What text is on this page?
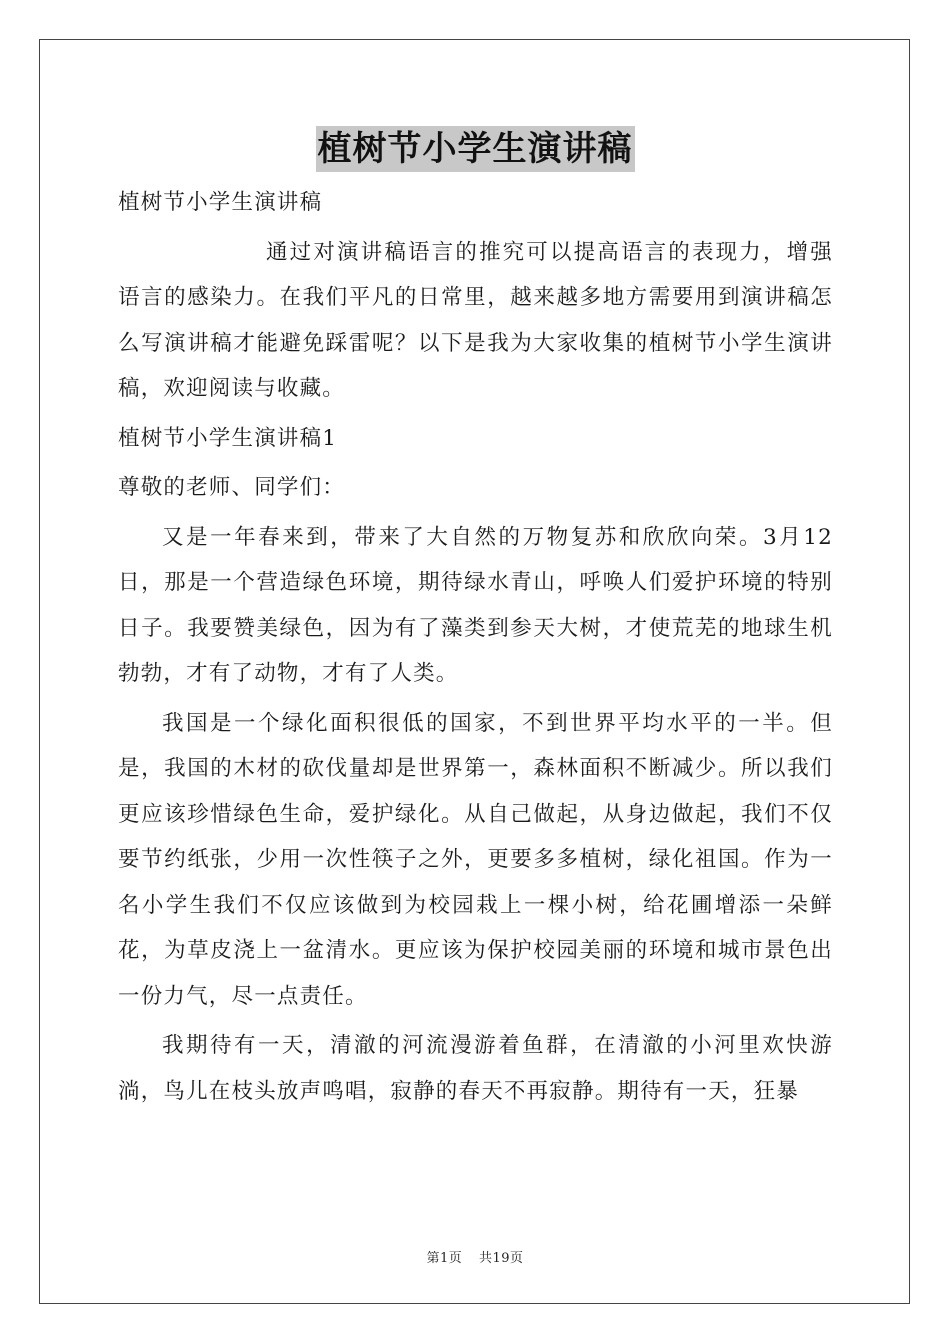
植树节小学生演讲稿

植树节小学生演讲稿

通过对演讲稿语言的推究可以提高语言的表现力，增强语言的感染力。在我们平凡的日常里，越来越多地方需要用到演讲稿怎么写演讲稿才能避免踩雷呢？以下是我为大家收集的植树节小学生演讲稿，欢迎阅读与收藏。

植树节小学生演讲稿1

尊敬的老师、同学们：

又是一年春来到，带来了大自然的万物复苏和欣欣向荣。3月12日，那是一个营造绿色环境，期待绿水青山，呼唤人们爱护环境的特别日子。我要赞美绿色，因为有了藻类到参天大树，才使荒芜的地球生机勃勃，才有了动物，才有了人类。

我国是一个绿化面积很低的国家，不到世界平均水平的一半。但是，我国的木材的砍伐量却是世界第一，森林面积不断减少。所以我们更应该珍惜绿色生命，爱护绿化。从自己做起，从身边做起，我们不仅要节约纸张，少用一次性筷子之外，更要多多植树，绿化祖国。作为一名小学生我们不仅应该做到为校园栽上一棵小树，给花圃增添一朵鲜花，为草皮浇上一盆清水。更应该为保护校园美丽的环境和城市景色出一份力气，尽一点责任。

我期待有一天，清澈的河流漫游着鱼群，在清澈的小河里欢快游淌，鸟儿在枝头放声鸣唱，寂静的春天不再寂静。期待有一天，狂暴

第1页 共19页
